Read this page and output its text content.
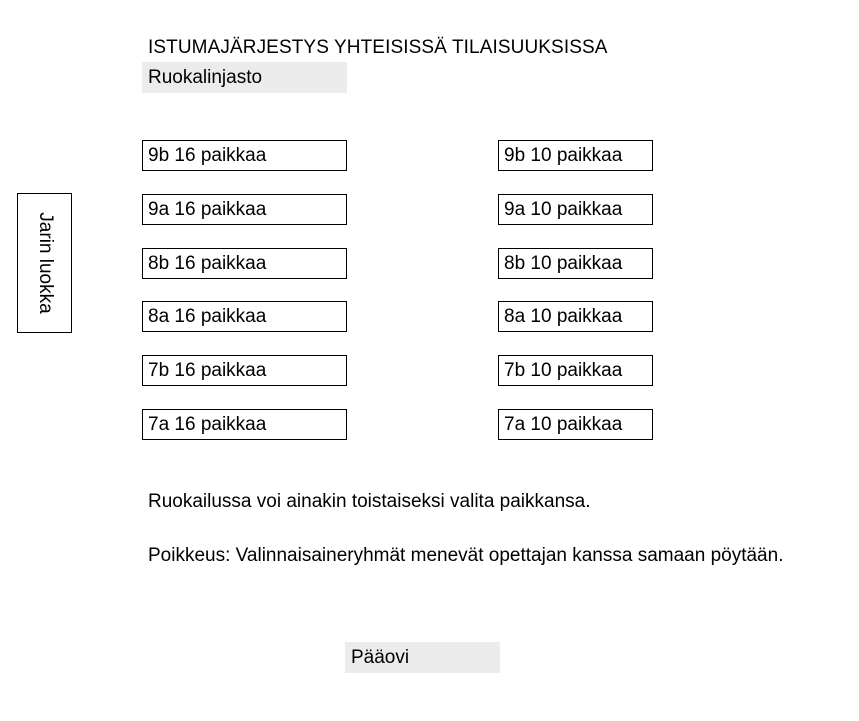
ISTUMAJÄRJESTYS YHTEISISSÄ TILAISUUKSISSA
Ruokalinjasto
Jarin luokka
9b 16 paikkaa
9a 16 paikkaa
8b 16 paikkaa
8a 16 paikkaa
7b 16 paikkaa
7a 16 paikkaa
9b 10 paikkaa
9a 10 paikkaa
8b 10 paikkaa
8a 10 paikkaa
7b 10 paikkaa
7a 10 paikkaa
Ruokailussa voi ainakin toistaiseksi valita paikkansa.
Poikkeus: Valinnaisaineryhmät menevät opettajan kanssa samaan pöytään.
Pääovi
